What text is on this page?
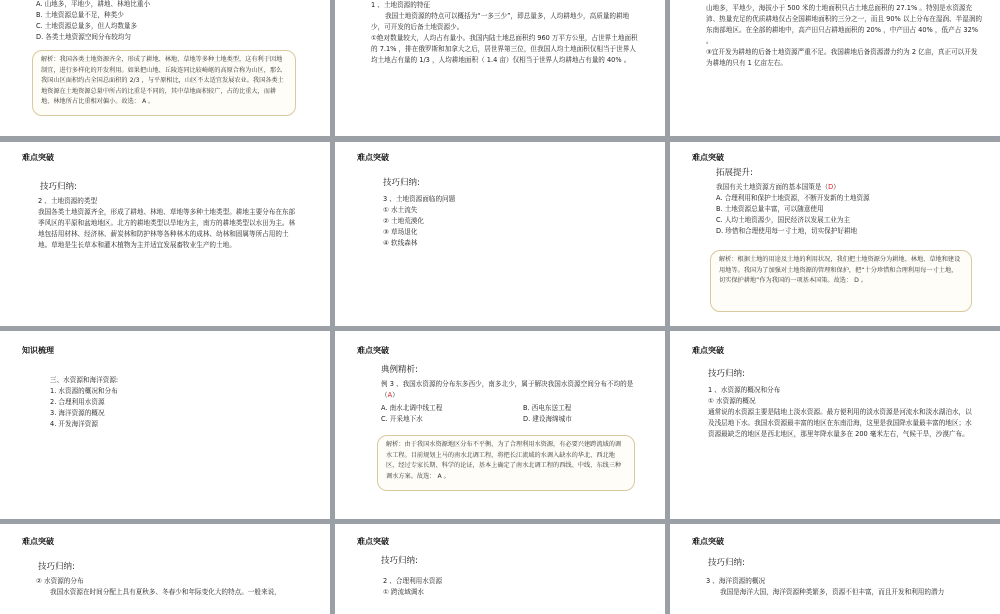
A. 山地多，平地少，耕地、林地比重小
B. 土地资源总量不足，种类少
C. 土地资源总量多，但人均数量多
D. 各类土地资源空间分布较均匀
解析：我国各类土地资源齐全，形成了耕地、林地、草地等多种土地类型，这有利于因地制宜，进行多样化的开发利用。如果把山地、丘陵连同比较崎岖的高原合称为山区，那么我国山区面积约占全国总面积的 2/3 ，与平原相比，山区不太适宜发展农业。我国各类土地资源在土地资源总量中所占的比重是不同的，其中草地面积较广，占的比重大，而耕地、林地所占比重相对偏小。故选： A 。
1 、土地资源的特征
我国土地资源的特点可以概括为“一多三少”，即总量多，人均耕地少，高质量的耕地少，可开发的后备土地资源少。
①绝对数量较大，人均占有量小。我国内陆土地总面积约 960 万平方公里，占世界土地面积的 7.1% ，排在俄罗斯和加拿大之后，居世界第三位，但我国人均土地面积仅相当于世界人均土地占有量的 1/3 ，人均耕地面积（ 1.4 亩）仅相当于世界人均耕地占有量的 40% 。
山地多，平地少，海拔小于 500 米的土地面积只占土地总面积的 27.1% 。特别是水资源充沛、热量充足的优质耕地仅占全国耕地面积的三分之一，而且 90% 以上分布在湿润、半湿润的东南部地区。在全部的耕地中，高产田只占耕地面积的 20% ，中产田占 40% ，低产占 32% 。
③宜开发为耕地的后备土地资源严重不足。我国耕地后备资源潜力约为 2 亿亩，真正可以开发为耕地的只有 1 亿亩左右。
难点突破
技巧归纳:
2 、土地资源的类型
我国各类土地资源齐全，形成了耕地、林地、草地等多种土地类型。耕地主要分布在东部季风区的平原和盆地地区。北方的耕地类型以旱地为主，南方的耕地类型以水田为主。林地包括用材林、经济林、薪炭林和防护林等各种林木的成林、幼林和固属等所占用的土地。草地是生长草本和灌木植物为主并适宜发展畜牧业生产的土地。
难点突破
技巧归纳:
3 、土地资源面临的问题
① 水土流失
② 土地荒漠化
③ 草场退化
④ 软线森林
难点突破
拓展提升:
我国有关土地资源方面的基本国策是（D）
A. 合理利用和保护土地资源，不断开发新的土地资源
B. 土地资源总量丰富，可以随意使用
C. 人均土地资源少，国民经济以发展工业为主
D. 珍惜和合理使用每一寸土地，切实保护好耕地
解析：根据土地的用途及土地的利用状况，我们把土地资源分为耕地、林地、草地和建设用地等。我国为了加强对土地资源的管理和保护，把“十分珍惜和合理利用每一寸土地，切实保护耕地”作为我国的一项基本国策。故选： D 。
知识梳理
三、水资源和海洋资源:
1. 水资源的概况和分布
2. 合理利用水资源
3. 海洋资源的概况
4. 开发海洋资源
难点突破
典例精析:
例 3 、我国水资源的分布东多西少，南多北少，属于解决我国水资源空间分布不均的是（A）
A. 南水北调中线工程	B. 西电东送工程
C. 开采地下水	D. 建设海绵城市
解析：由于我国水资源地区分布不平衡，为了合理利用水资源，有必要兴建跨流域的调水工程。目前规划上马的南水北调工程，将把长江流域的水调入缺水的华北、西北地区，经过专家长期、科学的论证，基本上确定了南水北调工程的西线、中线、东线三种调水方案。故选： A 。
难点突破
技巧归纳:
1 、水资源的概况和分布
① 水资源的概况
通常说的水资源主要是陆地上淡水资源。最方便利用的淡水资源是河流水和淡水湖泊水，以及浅层地下水。我国水资源最丰富的地区在东南沿海，这里是我国降水量最丰富的地区；水资源最缺乏的地区是西北地区，那里年降水量多在 200 毫米左右，气候干旱，沙漠广布。
难点突破
技巧归纳:
② 水资源的分布
我国水资源在时间分配上具有夏秋多、冬春少和年际变化大的特点。一般来说，
难点突破
技巧归纳:
2 、合理利用水资源
① 跨流域调水
难点突破
技巧归纳:
3 、海洋资源的概况
我国是海洋大国，海洋资源种类繁多，资源不但丰富，而且开发和利用的潜力
